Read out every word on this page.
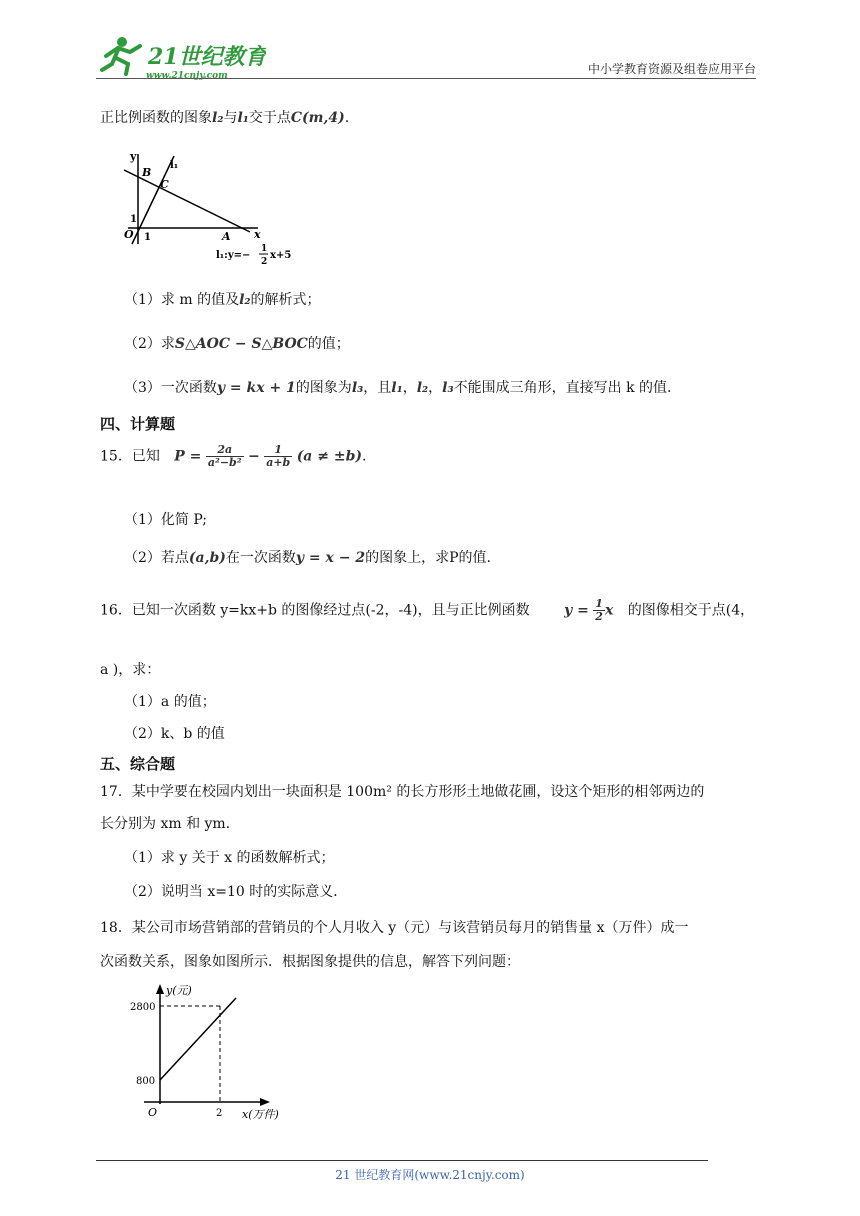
21世纪教育
www.21cnjy.com	中小学教育资源及组卷应用平台
正比例函数的图象l₂与l₁交于点C(m,4).
y
x
B
C
l₁
O 1
1
A
l₁:y=−
1
2
x+5
（1）求 m 的值及l₂的解析式；
（2）求S△AOC − S△BOC的值；
（3）一次函数y = kx + 1的图象为l₃，且l₁，l₂，l₃不能围成三角形，直接写出 k 的值.
四、计算题
15．已知 $P = \frac{2a}{\text{a²−b²}} - \frac{1}{a+b} (a \ne \pm b)$.
（1）化简 P;
（2）若点(a,b)在一次函数y = x − 2的图象上，求P的值.
16．已知一次函数 y=kx+b 的图像经过点(-2，-4)，且与正比例函数 $y = \frac{1}{2}$ x 的图像相交于点(4，
a )，求：
（1）a 的值；
（2）k、b 的值
五、综合题
17．某中学要在校园内划出一块面积是 100m² 的长方形形土地做花圃，设这个矩形的相邻两边的
长分别为 xm 和 ym．
（1）求 y 关于 x 的函数解析式；
（2）说明当 x=10 时的实际意义．
18．某公司市场营销部的营销员的个人月收入 y（元）与该营销员每月的销售量 x（万件）成一
次函数关系，图象如图所示．根据图象提供的信息，解答下列问题：
y(元)
x(万件)
O
2800
800
2
21 世纪教育网(www.21cnjy.com)
